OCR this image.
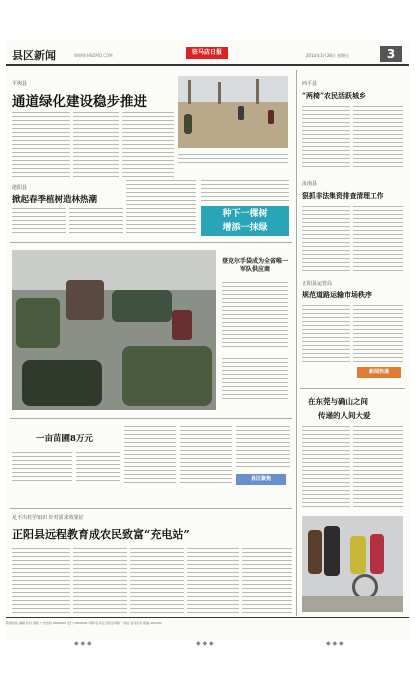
县区新闻	WWW.HNZMD.COM	驻马店日报	2014年3月28日 星期五	3
平舆县
通道绿化建设稳步推进
泌阳县
掀起春季植树造林热潮
种下一棵树
增添一抹绿
登克尔手袋成为全省唯一军队供应商
一亩苗圃8万元
县区聚焦
足不出村学知识 针对需求效果好
正阳县远程教育成农民致富“充电站”
西平县
“两椅”农民活跃城乡
汝南县
狠抓非法集资排查清理工作
正阳县运管局
规范道路运输市场秩序
新闻快递
在东莞与确山之间
传递的人间大爱
新闻热线 编辑 校对 排版 广告热线 2800000 发行 2800000 印刷 驻马店日报社印刷厂 地址 驻马店市 邮编 463000
◆ ◆ ◆	◆ ◆ ◆	◆ ◆ ◆
